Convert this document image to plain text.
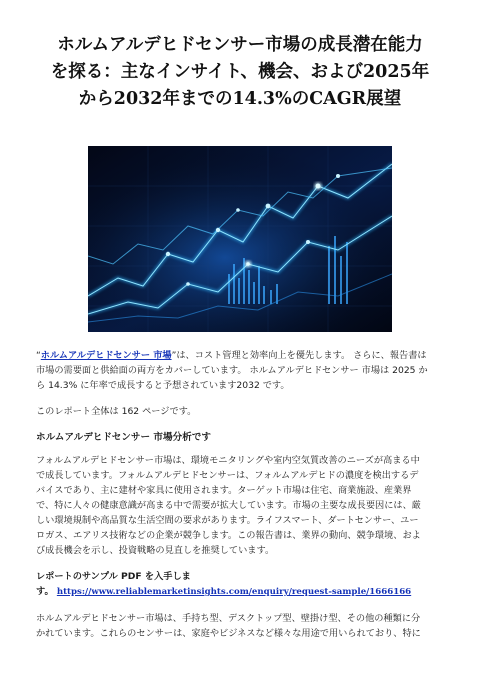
ホルムアルデヒドセンサー市場の成長潜在能力
を探る：主なインサイト、機会、および2025年
から2032年までの14.3%のCAGR展望

“ホルムアルデヒドセンサー 市場”は、コスト管理と効率向上を優先します。 さらに、報告書は
市場の需要面と供給面の両方をカバーしています。 ホルムアルデヒドセンサー 市場は 2025 か
ら 14.3% に年率で成長すると予想されています2032 です。

このレポート全体は 162 ページです。

ホルムアルデヒドセンサー 市場分析です

フォルムアルデヒドセンサー市場は、環境モニタリングや室内空気質改善のニーズが高まる中
で成長しています。フォルムアルデヒドセンサーは、フォルムアルデヒドの濃度を検出するデ
バイスであり、主に建材や家具に使用されます。ターゲット市場は住宅、商業施設、産業界
で、特に人々の健康意識が高まる中で需要が拡大しています。市場の主要な成長要因には、厳
しい環境規制や高品質な生活空間の要求があります。ライフスマート、ダートセンサー、ユー
ロガス、エアリス技術などの企業が競争します。この報告書は、業界の動向、競争環境、およ
び成長機会を示し、投資戦略の見直しを推奨しています。

レポートのサンプル PDF を入手しま
す。 https://www.reliablemarketinsights.com/enquiry/request-sample/1666166

ホルムアルデヒドセンサー市場は、手持ち型、デスクトップ型、壁掛け型、その他の種類に分
かれています。これらのセンサーは、家庭やビジネスなど様々な用途で用いられており、特に
